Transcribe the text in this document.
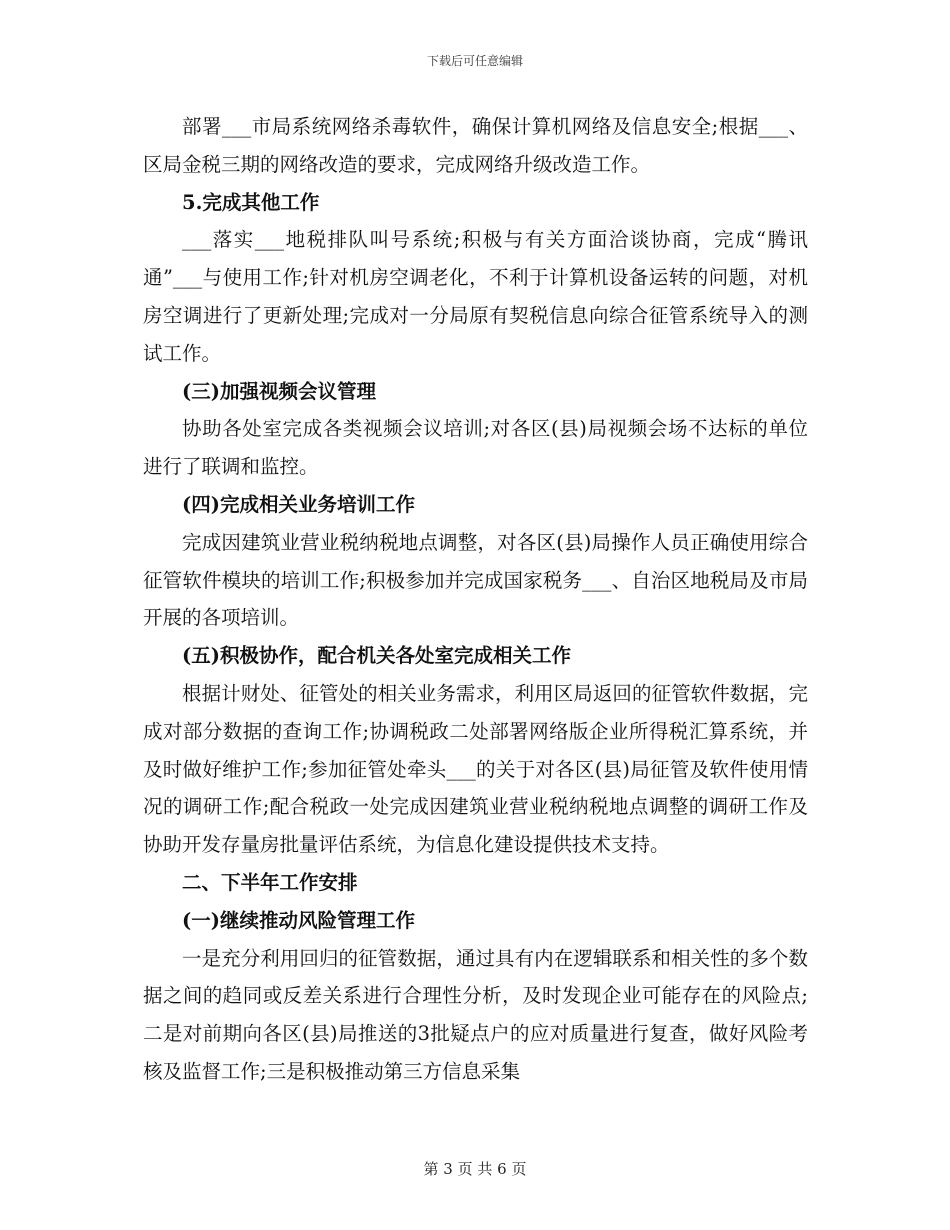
下载后可任意编辑

部署___市局系统网络杀毒软件，确保计算机网络及信息安全;根据___、区局金税三期的网络改造的要求，完成网络升级改造工作。

5.完成其他工作

___落实___地税排队叫号系统;积极与有关方面洽谈协商，完成“腾讯通”___与使用工作;针对机房空调老化，不利于计算机设备运转的问题，对机房空调进行了更新处理;完成对一分局原有契税信息向综合征管系统导入的测试工作。

(三)加强视频会议管理

协助各处室完成各类视频会议培训;对各区(县)局视频会场不达标的单位进行了联调和监控。

(四)完成相关业务培训工作

完成因建筑业营业税纳税地点调整，对各区(县)局操作人员正确使用综合征管软件模块的培训工作;积极参加并完成国家税务___、自治区地税局及市局开展的各项培训。

(五)积极协作，配合机关各处室完成相关工作

根据计财处、征管处的相关业务需求，利用区局返回的征管软件数据，完成对部分数据的查询工作;协调税政二处部署网络版企业所得税汇算系统，并及时做好维护工作;参加征管处牵头___的关于对各区(县)局征管及软件使用情况的调研工作;配合税政一处完成因建筑业营业税纳税地点调整的调研工作及协助开发存量房批量评估系统，为信息化建设提供技术支持。

二、下半年工作安排

(一)继续推动风险管理工作

一是充分利用回归的征管数据，通过具有内在逻辑联系和相关性的多个数据之间的趋同或反差关系进行合理性分析，及时发现企业可能存在的风险点;二是对前期向各区(县)局推送的3批疑点户的应对质量进行复查，做好风险考核及监督工作;三是积极推动第三方信息采集

第 3 页 共 6 页
